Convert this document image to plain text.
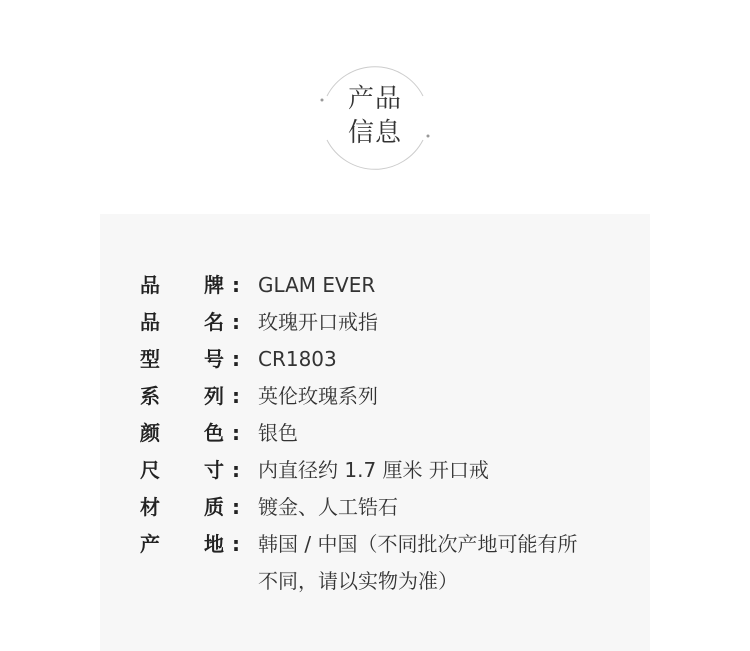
产品
信息
品 牌 : GLAM EVER
品 名 : 玫瑰开口戒指
型 号 : CR1803
系 列 : 英伦玫瑰系列
颜 色 : 银色
尺 寸 : 内直径约 1.7 厘米 开口戒
材 质 : 镀金、人工锆石
产 地 : 韩国 / 中国（不同批次产地可能有所
不同，请以实物为准）
